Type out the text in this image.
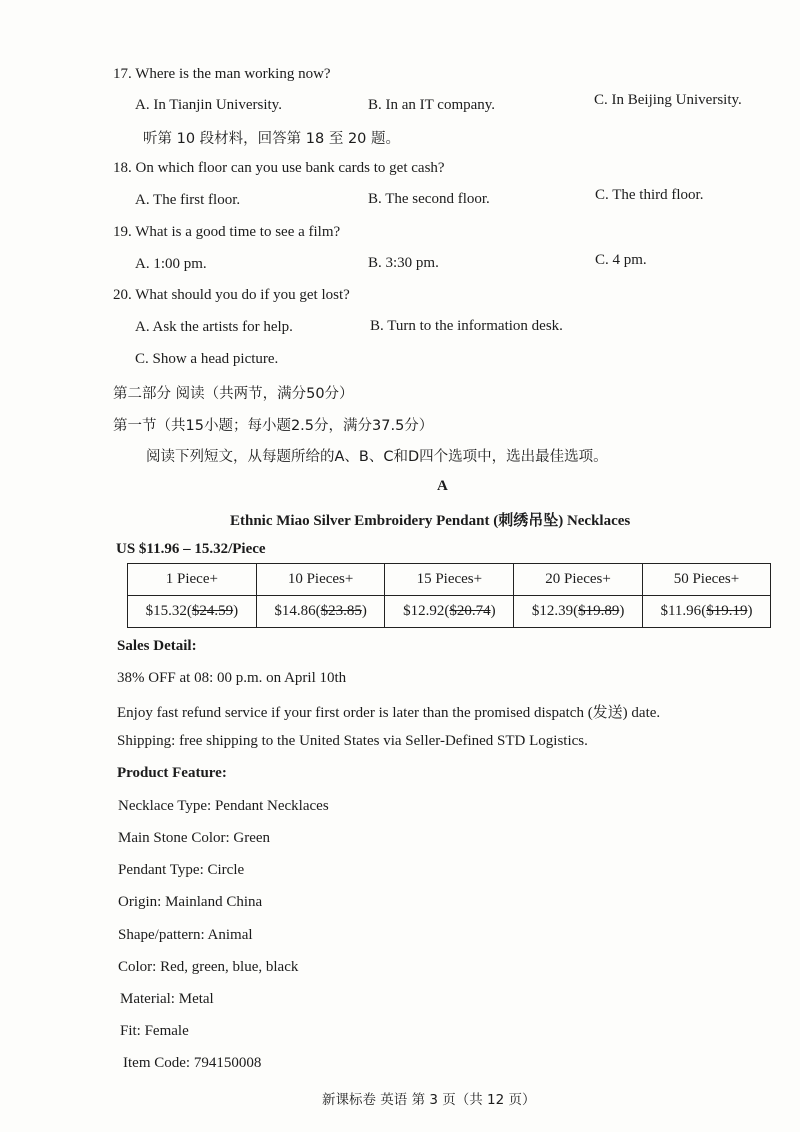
17. Where is the man working now?
A. In Tianjin University.	B. In an IT company.	C. In Beijing University.
听第 10 段材料，回答第 18 至 20 题。
18. On which floor can you use bank cards to get cash?
A. The first floor.	B. The second floor.	C. The third floor.
19. What is a good time to see a film?
A. 1:00 pm.	B. 3:30 pm.	C. 4 pm.
20. What should you do if you get lost?
A. Ask the artists for help.	B. Turn to the information desk.
C. Show a head picture.
第二部分 阅读（共两节，满分50分）
第一节（共15小题；每小题2.5分，满分37.5分）
阅读下列短文，从每题所给的A、B、C和D四个选项中，选出最佳选项。
A
Ethnic Miao Silver Embroidery Pendant (刺绣吊坠) Necklaces
US $11.96 – 15.32/Piece
1 Piece+	10 Pieces+	15 Pieces+	20 Pieces+	50 Pieces+
$15.32($24.59)	$14.86($23.85)	$12.92($20.74)	$12.39($19.89)	$11.96($19.19)
Sales Detail:
38% OFF at 08: 00 p.m. on April 10th
Enjoy fast refund service if your first order is later than the promised dispatch (发送) date.
Shipping: free shipping to the United States via Seller-Defined STD Logistics.
Product Feature:
Necklace Type: Pendant Necklaces
Main Stone Color: Green
Pendant Type: Circle
Origin: Mainland China
Shape/pattern: Animal
Color: Red, green, blue, black
Material: Metal
Fit: Female
Item Code: 794150008
新课标卷 英语 第 3 页（共 12 页）
